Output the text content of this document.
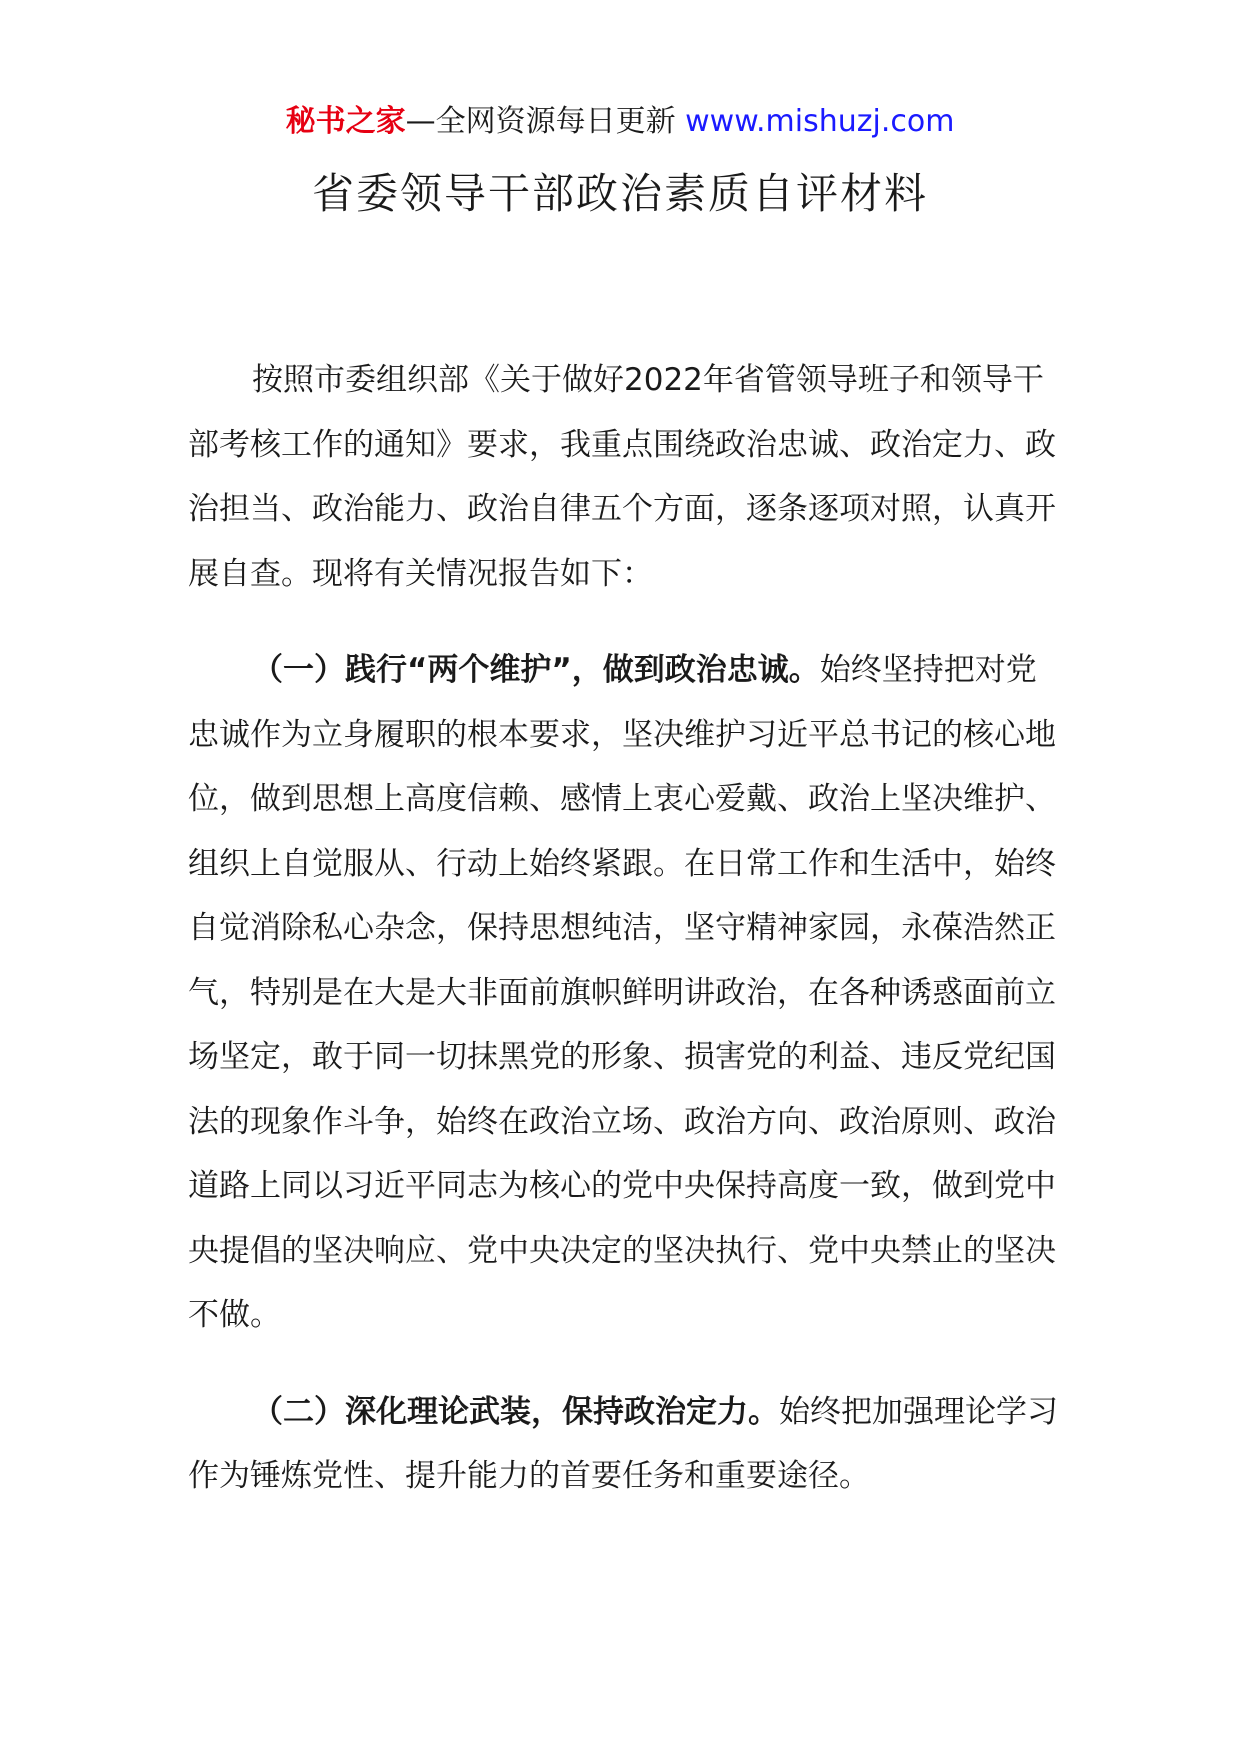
秘书之家—全网资源每日更新 www.mishuzj.com
省委领导干部政治素质自评材料

按照市委组织部《关于做好2022年省管领导班子和领导干部考核工作的通知》要求，我重点围绕政治忠诚、政治定力、政治担当、政治能力、政治自律五个方面，逐条逐项对照，认真开展自查。现将有关情况报告如下：

（一）践行“两个维护”，做到政治忠诚。始终坚持把对党忠诚作为立身履职的根本要求，坚决维护习近平总书记的核心地位，做到思想上高度信赖、感情上衷心爱戴、政治上坚决维护、组织上自觉服从、行动上始终紧跟。在日常工作和生活中，始终自觉消除私心杂念，保持思想纯洁，坚守精神家园，永葆浩然正气，特别是在大是大非面前旗帜鲜明讲政治，在各种诱惑面前立场坚定，敢于同一切抹黑党的形象、损害党的利益、违反党纪国法的现象作斗争，始终在政治立场、政治方向、政治原则、政治道路上同以习近平同志为核心的党中央保持高度一致，做到党中央提倡的坚决响应、党中央决定的坚决执行、党中央禁止的坚决不做。

（二）深化理论武装，保持政治定力。始终把加强理论学习作为锤炼党性、提升能力的首要任务和重要途径。
